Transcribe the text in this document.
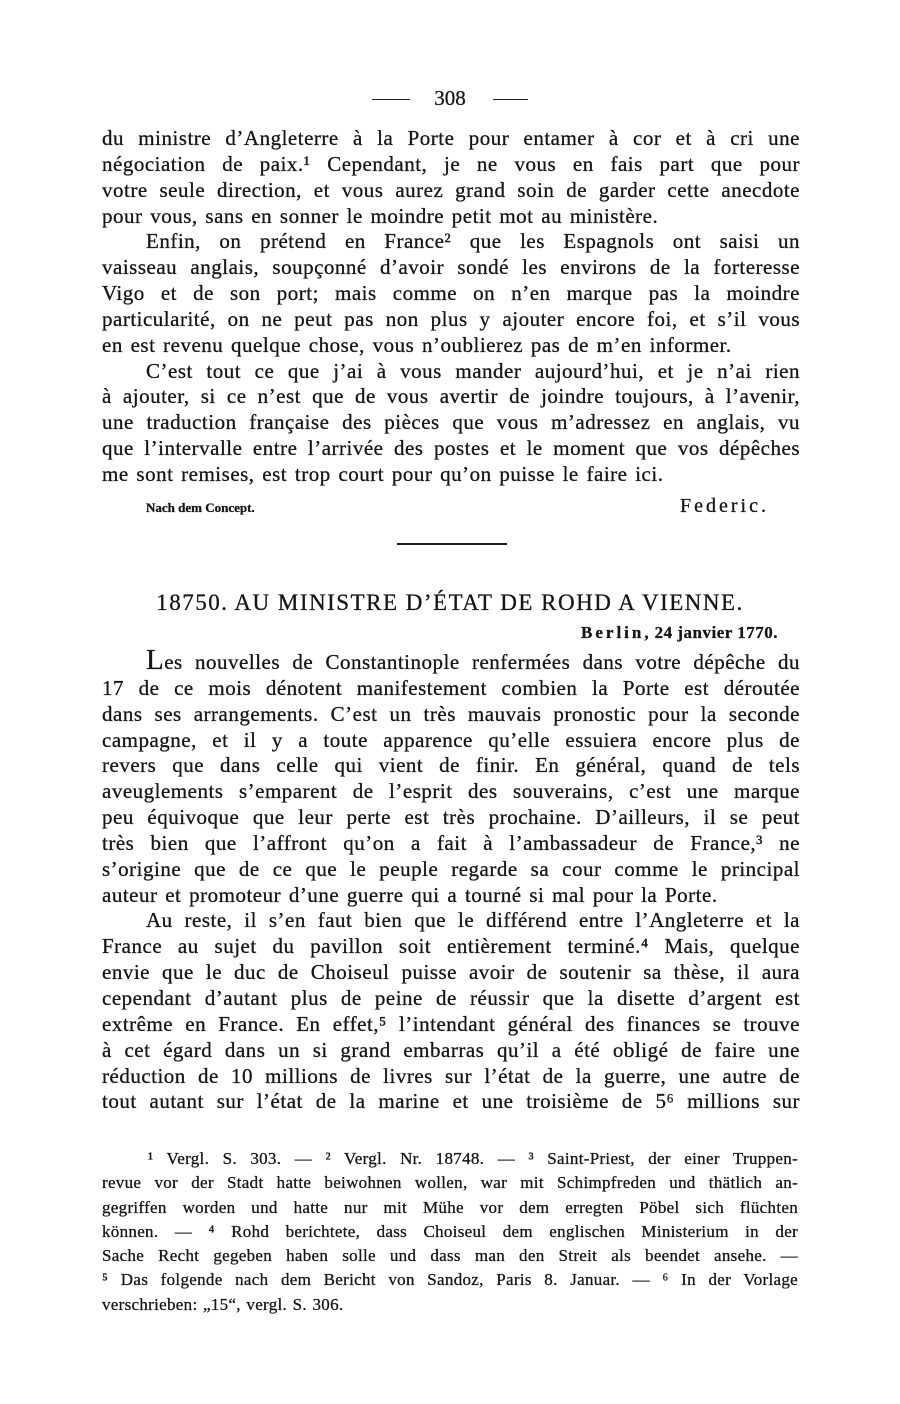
308
du ministre d’Angleterre à la Porte pour entamer à cor et à cri une
négociation de paix.¹ Cependant, je ne vous en fais part que pour
votre seule direction, et vous aurez grand soin de garder cette anecdote
pour vous, sans en sonner le moindre petit mot au ministère.
Enfin, on prétend en France² que les Espagnols ont saisi un
vaisseau anglais, soupçonné d’avoir sondé les environs de la forteresse
Vigo et de son port; mais comme on n’en marque pas la moindre
particularité, on ne peut pas non plus y ajouter encore foi, et s’il vous
en est revenu quelque chose, vous n’oublierez pas de m’en informer.
C’est tout ce que j’ai à vous mander aujourd’hui, et je n’ai rien
à ajouter, si ce n’est que de vous avertir de joindre toujours, à l’avenir,
une traduction française des pièces que vous m’adressez en anglais, vu
que l’intervalle entre l’arrivée des postes et le moment que vos dépêches
me sont remises, est trop court pour qu’on puisse le faire ici.
Nach dem Concept.	Federic.
18750. AU MINISTRE D’ÉTAT DE ROHD A VIENNE.
Berlin, 24 janvier 1770.
Les nouvelles de Constantinople renfermées dans votre dépêche du
17 de ce mois dénotent manifestement combien la Porte est déroutée
dans ses arrangements. C’est un très mauvais pronostic pour la seconde
campagne, et il y a toute apparence qu’elle essuiera encore plus de
revers que dans celle qui vient de finir. En général, quand de tels
aveuglements s’emparent de l’esprit des souverains, c’est une marque
peu équivoque que leur perte est très prochaine. D’ailleurs, il se peut
très bien que l’affront qu’on a fait à l’ambassadeur de France,³ ne
s’origine que de ce que le peuple regarde sa cour comme le principal
auteur et promoteur d’une guerre qui a tourné si mal pour la Porte.
Au reste, il s’en faut bien que le différend entre l’Angleterre et la
France au sujet du pavillon soit entièrement terminé.⁴ Mais, quelque
envie que le duc de Choiseul puisse avoir de soutenir sa thèse, il aura
cependant d’autant plus de peine de réussir que la disette d’argent est
extrême en France. En effet,⁵ l’intendant général des finances se trouve
à cet égard dans un si grand embarras qu’il a été obligé de faire une
réduction de 10 millions de livres sur l’état de la guerre, une autre de
tout autant sur l’état de la marine et une troisième de 5⁶ millions sur
¹ Vergl. S. 303. — ² Vergl. Nr. 18748. — ³ Saint-Priest, der einer Truppen-
revue vor der Stadt hatte beiwohnen wollen, war mit Schimpfreden und thätlich an-
gegriffen worden und hatte nur mit Mühe vor dem erregten Pöbel sich flüchten
können. — ⁴ Rohd berichtete, dass Choiseul dem englischen Ministerium in der
Sache Recht gegeben haben solle und dass man den Streit als beendet ansehe. —
⁵ Das folgende nach dem Bericht von Sandoz, Paris 8. Januar. — ⁶ In der Vorlage
verschrieben: „15“, vergl. S. 306.
